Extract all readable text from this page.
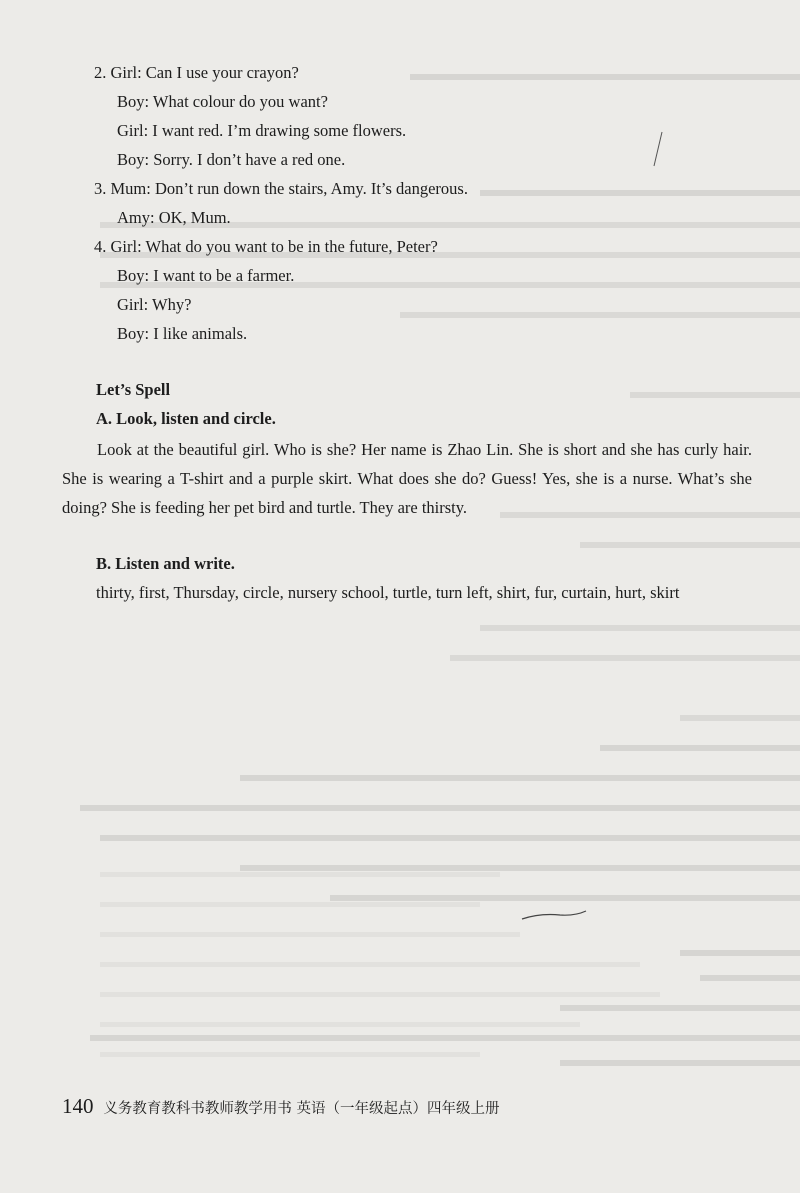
2. Girl: Can I use your crayon?
Boy: What colour do you want?
Girl: I want red. I’m drawing some flowers.
Boy: Sorry. I don’t have a red one.
3. Mum: Don’t run down the stairs, Amy. It’s dangerous.
Amy: OK, Mum.
4. Girl: What do you want to be in the future, Peter?
Boy: I want to be a farmer.
Girl: Why?
Boy: I like animals.
Let’s Spell
A. Look, listen and circle.
Look at the beautiful girl. Who is she? Her name is Zhao Lin. She is short and she has curly hair. She is wearing a T-shirt and a purple skirt. What does she do? Guess! Yes, she is a nurse. What’s she doing? She is feeding her pet bird and turtle. They are thirsty.
B. Listen and write.
thirty, first, Thursday, circle, nursery school, turtle, turn left, shirt, fur, curtain, hurt, skirt
140 义务教育教科书教师教学用书 英语（一年级起点）四年级上册
